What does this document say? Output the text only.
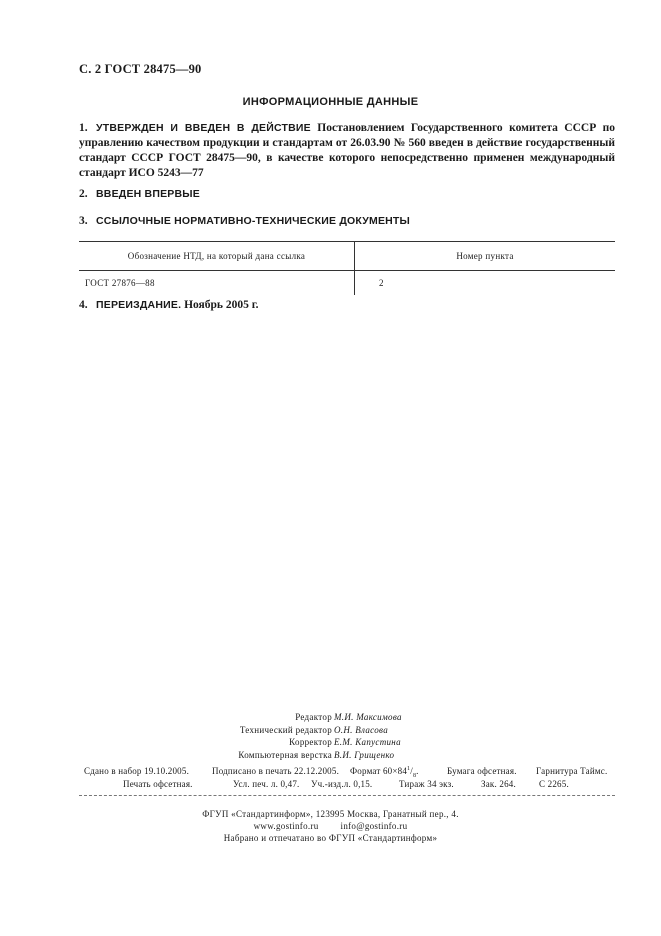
С. 2 ГОСТ 28475—90
ИНФОРМАЦИОННЫЕ ДАННЫЕ
1. УТВЕРЖДЕН И ВВЕДЕН В ДЕЙСТВИЕ Постановлением Государственного комитета СССР по управлению качеством продукции и стандартам от 26.03.90 № 560 введен в действие государственный стандарт СССР ГОСТ 28475—90, в качестве которого непосредственно применен международный стандарт ИСО 5243—77
2. ВВЕДЕН ВПЕРВЫЕ
3. ССЫЛОЧНЫЕ НОРМАТИВНО-ТЕХНИЧЕСКИЕ ДОКУМЕНТЫ
Обозначение НТД, на который дана ссылка	Номер пункта
ГОСТ 27876—88	2
4. ПЕРЕИЗДАНИЕ. Ноябрь 2005 г.
Редактор М.И. Максимова
Технический редактор О.Н. Власова
Корректор Е.М. Капустина
Компьютерная верстка В.И. Грищенко
Сдано в набор 19.10.2005.	Подписано в печать 22.12.2005. Формат $60\times 84^1/_8$.	Бумага офсетная. Гарнитура Таймс.
Печать офсетная.	Усл. печ. л. 0,47. Уч.-изд.л. 0,15.	Тираж 34 экз.	Зак. 264.	С 2265.
ФГУП «Стандартинформ», 123995 Москва, Гранатный пер., 4.
www.gostinfo.ru info@gostinfo.ru
Набрано и отпечатано во ФГУП «Стандартинформ»
